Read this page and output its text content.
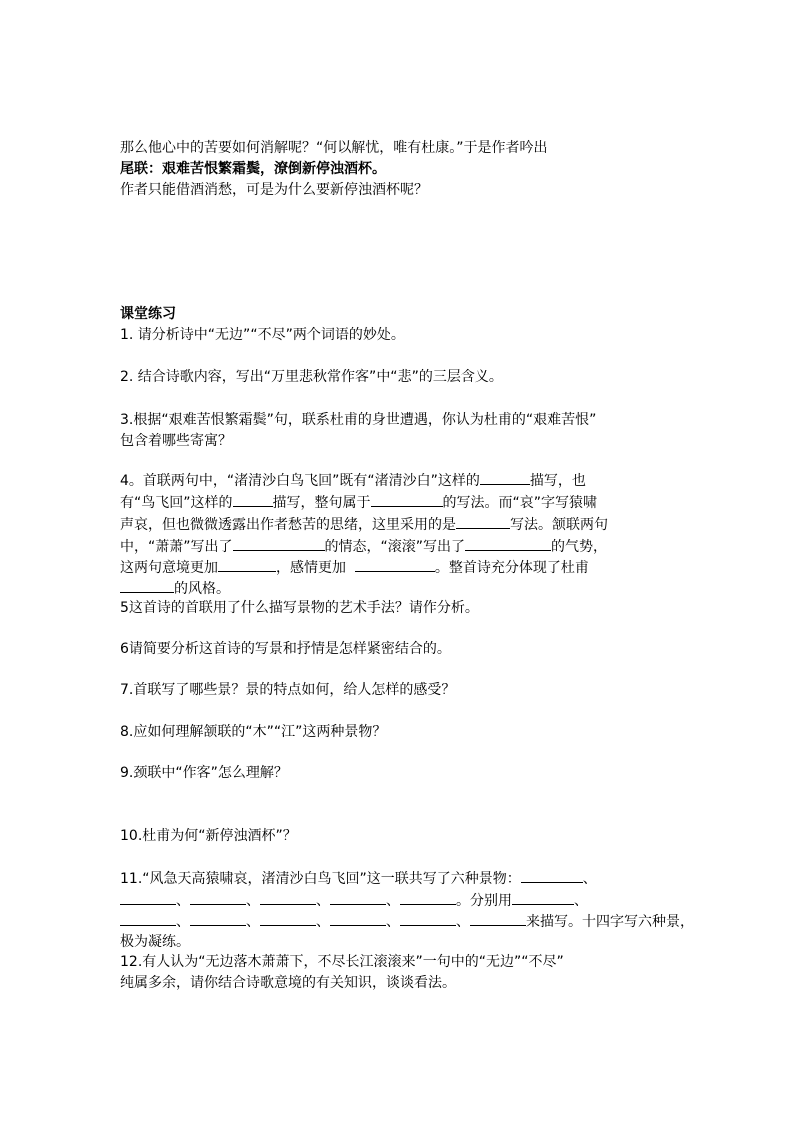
那么他心中的苦要如何消解呢？“何以解忧，唯有杜康。”于是作者吟出
尾联：艰难苦恨繁霜鬓，潦倒新停浊酒杯。
作者只能借酒消愁，可是为什么要新停浊酒杯呢？
课堂练习
1. 请分析诗中“无边”“不尽”两个词语的妙处。
2. 结合诗歌内容，写出“万里悲秋常作客”中“悲”的三层含义。
3.根据“艰难苦恨繁霜鬓”句，联系杜甫的身世遭遇，你认为杜甫的“艰难苦恨”
包含着哪些寄寓？
4。首联两句中，“渚清沙白鸟飞回”既有“渚清沙白”这样的	描写，也
有“鸟飞回”这样的	描写，整句属于	的写法。而“哀”字写猿啸
声哀，但也微微透露出作者愁苦的思绪，这里采用的是	写法。颔联两句
中，“萧萧”写出了	的情态，“滚滚”写出了	的气势，
这两句意境更加	，感情更加	。整首诗充分体现了杜甫
的风格。
5这首诗的首联用了什么描写景物的艺术手法？请作分析。
6请简要分析这首诗的写景和抒情是怎样紧密结合的。
7.首联写了哪些景？景的特点如何，给人怎样的感受？
8.应如何理解颔联的“木”“江”这两种景物？
9.颈联中“作客”怎么理解？
10.杜甫为何“新停浊酒杯”？
11.“风急天高猿啸哀，渚清沙白鸟飞回”这一联共写了六种景物：	、
、	、	、	、	。分别用	、
、	、	、	、	、	来描写。十四字写六种景，
极为凝练。
12.有人认为“无边落木萧萧下，不尽长江滚滚来”一句中的“无边”“不尽”
纯属多余，请你结合诗歌意境的有关知识，谈谈看法。
